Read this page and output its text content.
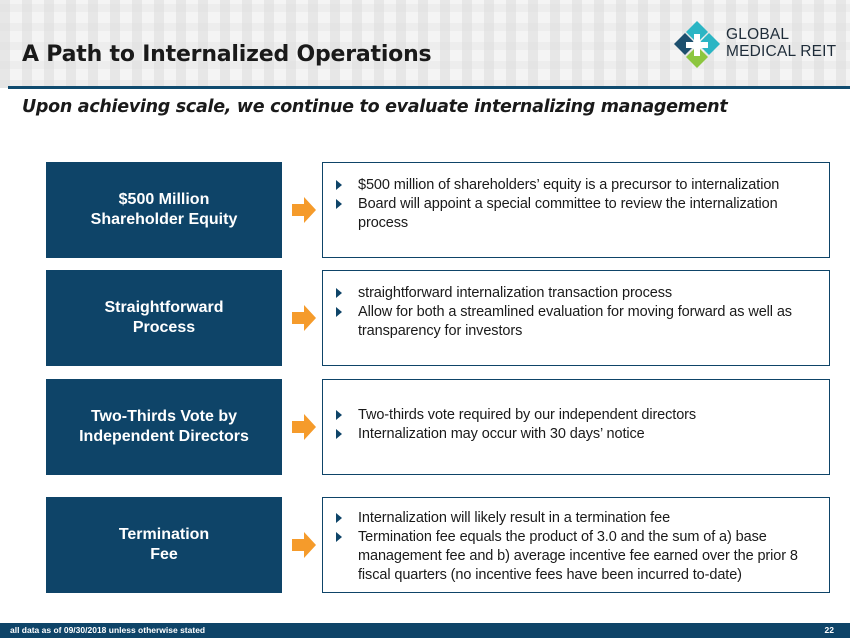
A Path to Internalized Operations
GLOBAL
MEDICAL REIT
Upon achieving scale, we continue to evaluate internalizing management
$500 Million
Shareholder Equity
$500 million of shareholders’ equity is a precursor to internalization
Board will appoint a special committee to review the internalization process
Straightforward
Process
straightforward internalization transaction process
Allow for both a streamlined evaluation for moving forward as well as transparency for investors
Two-Thirds Vote by
Independent Directors
Two-thirds vote required by our independent directors
Internalization may occur with 30 days’ notice
Termination
Fee
Internalization will likely result in a termination fee
Termination fee equals the product of 3.0 and the sum of a) base management fee and b) average incentive fee earned over the prior 8 fiscal quarters (no incentive fees have been incurred to-date)
all data as of 09/30/2018 unless otherwise stated	22
